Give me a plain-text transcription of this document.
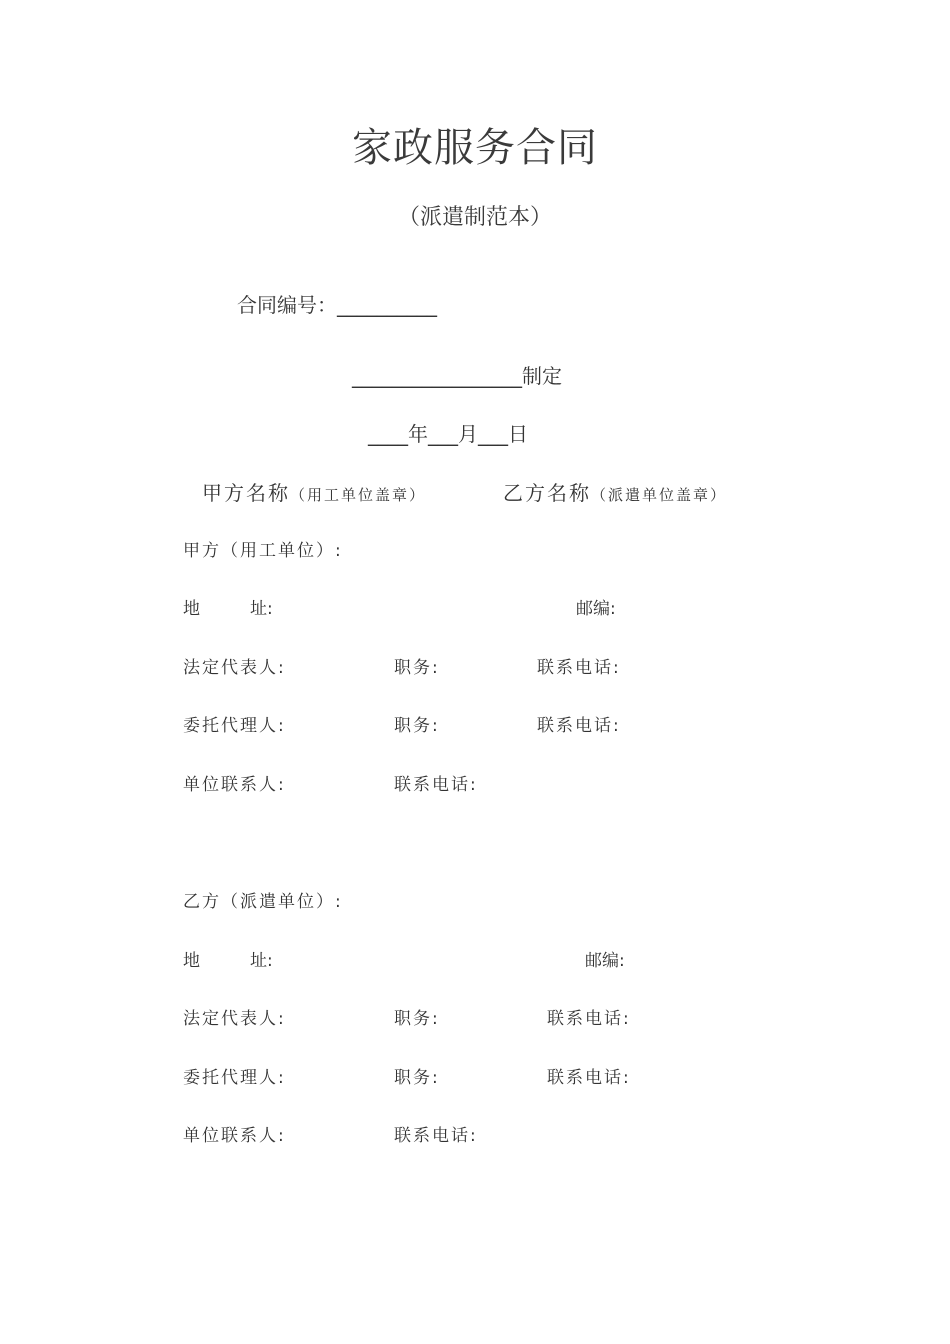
家政服务合同
（派遣制范本）
合同编号：__________
_________________制定
____年___月___日
甲方名称（用工单位盖章）	乙方名称（派遣单位盖章）
甲方（用工单位）:
地	址:	邮编:
法定代表人:	职务:	联系电话:
委托代理人:	职务:	联系电话:
单位联系人:	联系电话:
乙方（派遣单位）:
地	址:	邮编:
法定代表人:	职务:	联系电话:
委托代理人:	职务:	联系电话:
单位联系人:	联系电话:
